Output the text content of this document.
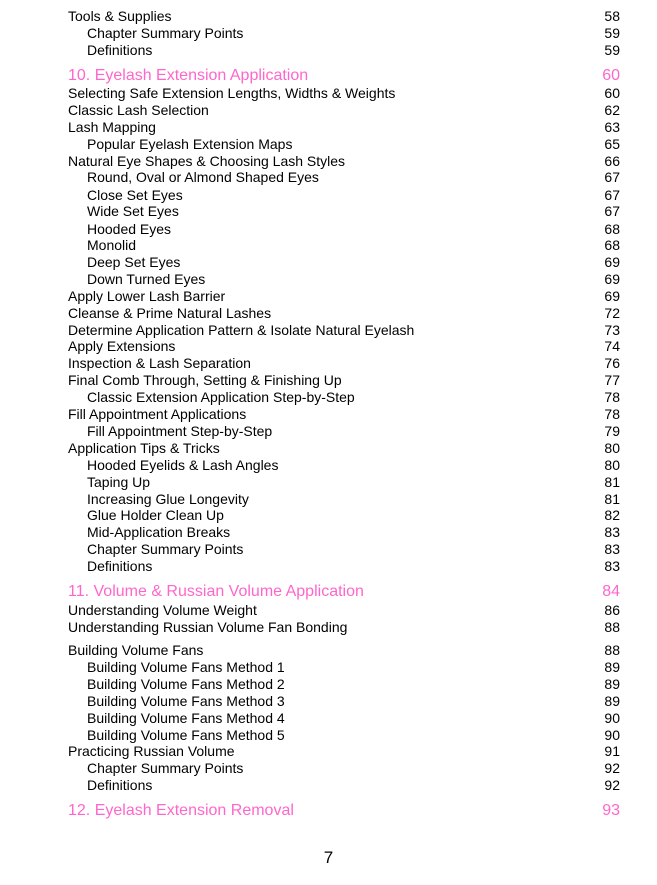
Tools & Supplies	58
Chapter Summary Points	59
Definitions	59
10. Eyelash Extension Application	60
Selecting Safe Extension Lengths, Widths & Weights	60
Classic Lash Selection	62
Lash Mapping	63
Popular Eyelash Extension Maps	65
Natural Eye Shapes & Choosing Lash Styles	66
Round, Oval or Almond Shaped Eyes	67
Close Set Eyes	67
Wide Set Eyes	67
Hooded Eyes	68
Monolid	68
Deep Set Eyes	69
Down Turned Eyes	69
Apply Lower Lash Barrier	69
Cleanse & Prime Natural Lashes	72
Determine Application Pattern & Isolate Natural Eyelash	73
Apply Extensions	74
Inspection & Lash Separation	76
Final Comb Through, Setting & Finishing Up	77
Classic Extension Application Step-by-Step	78
Fill Appointment Applications	78
Fill Appointment Step-by-Step	79
Application Tips & Tricks	80
Hooded Eyelids & Lash Angles	80
Taping Up	81
Increasing Glue Longevity	81
Glue Holder Clean Up	82
Mid-Application Breaks	83
Chapter Summary Points	83
Definitions	83
11. Volume & Russian Volume Application	84
Understanding Volume Weight	86
Understanding Russian Volume Fan Bonding	88
Building Volume Fans	88
Building Volume Fans Method 1	89
Building Volume Fans Method 2	89
Building Volume Fans Method 3	89
Building Volume Fans Method 4	90
Building Volume Fans Method 5	90
Practicing Russian Volume	91
Chapter Summary Points	92
Definitions	92
12. Eyelash Extension Removal	93
7
